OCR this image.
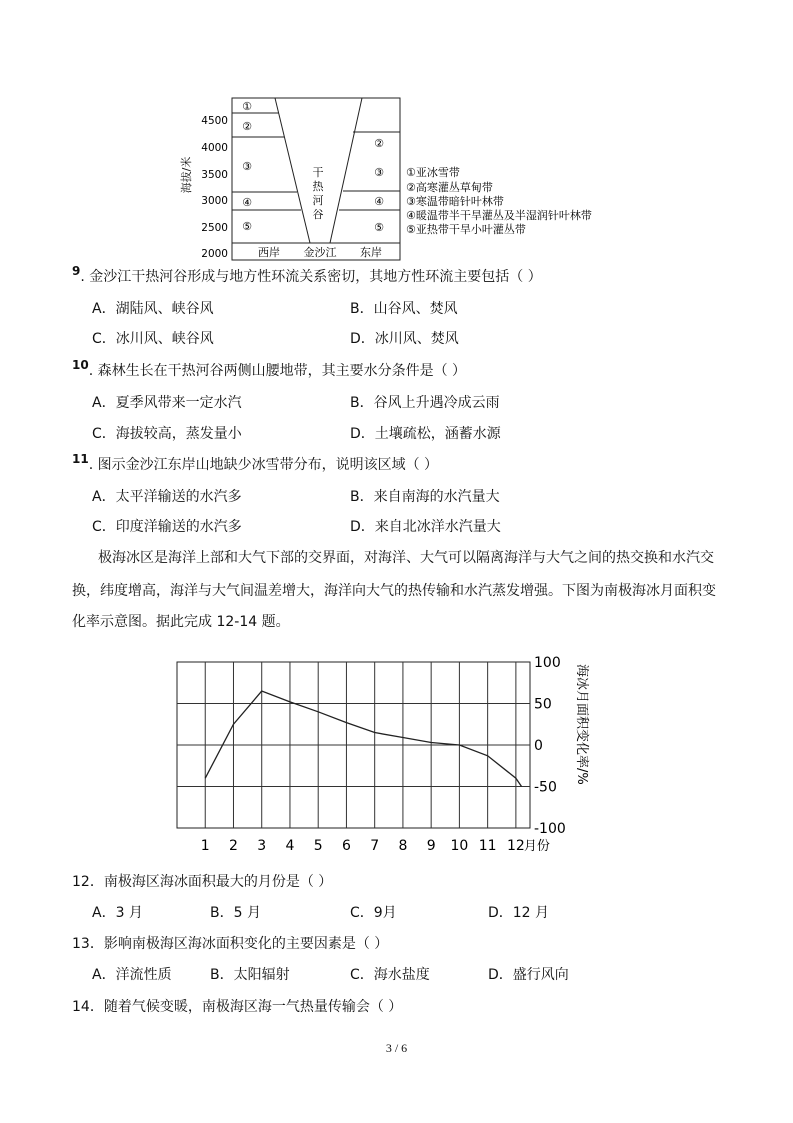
海拔/米
4500
4000
3500
3000
2500
2000
①
②
③
④
⑤
②
③
④
⑤
干
热
河
谷
西岸 金沙江 东岸
①亚冰雪带
②高寒灌丛草甸带
③寒温带暗针叶林带
④暖温带半干旱灌丛及半湿润针叶林带
⑤亚热带干旱小叶灌丛带
9. 金沙江干热河谷形成与地方性环流关系密切，其地方性环流主要包括（ ）
A．湖陆风、峡谷风	B．山谷风、焚风
C．冰川风、峡谷风	D．冰川风、焚风
10. 森林生长在干热河谷两侧山腰地带，其主要水分条件是（ ）
A．夏季风带来一定水汽	B．谷风上升遇冷成云雨
C．海拔较高，蒸发量小	D．土壤疏松，涵蓄水源
11. 图示金沙江东岸山地缺少冰雪带分布，说明该区域（ ）
A．太平洋输送的水汽多	B．来自南海的水汽量大
C．印度洋输送的水汽多	D．来自北冰洋水汽量大
极海冰区是海洋上部和大气下部的交界面，对海洋、大气可以隔离海洋与大气之间的热交换和水汽交
换，纬度增高，海洋与大气间温差增大，海洋向大气的热传输和水汽蒸发增强。下图为南极海冰月面积变
化率示意图。据此完成 12-14 题。
100
50
0
-50
-100
1 2 3 4 5 6 7 8 9 10 11 12 月份
海冰月面积变化率/%
12．南极海区海冰面积最大的月份是（ ）
A．3 月	B．5 月	C．9月	D．12 月
13．影响南极海区海冰面积变化的主要因素是（ ）
A．洋流性质	B．太阳辐射	C．海水盐度	D．盛行风向
14．随着气候变暖，南极海区海一气热量传输会（ ）
3 / 6
